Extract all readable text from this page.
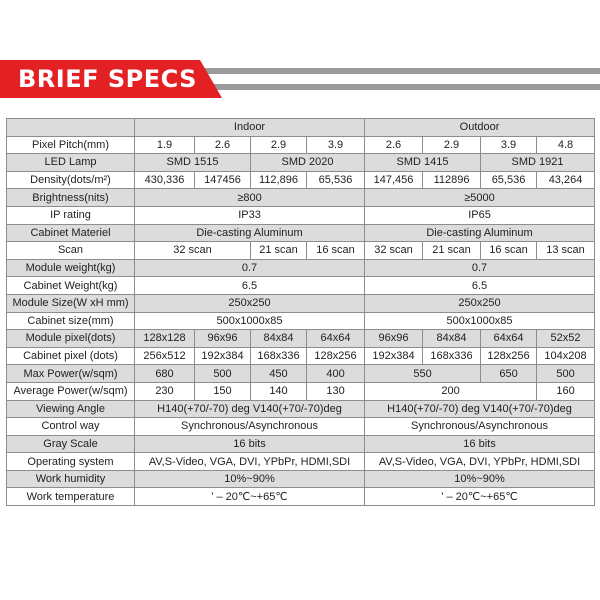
BRIEF SPECS
	Indoor				Outdoor			
Pixel Pitch(mm)	1.9	2.6	2.9	3.9	2.6	2.9	3.9	4.8
LED Lamp	SMD 1515		SMD 2020		SMD 1415		SMD 1921	
Density(dots/m²)	430,336	147456	112,896	65,536	147,456	112896	65,536	43,264
Brightness(nits)	≥800				≥5000			
IP rating	IP33				IP65			
Cabinet Materiel	Die-casting Aluminum				Die-casting Aluminum			
Scan	32 scan		21 scan	16 scan	32 scan	21 scan	16 scan	13 scan
Module weight(kg)	0.7				0.7			
Cabinet Weight(kg)	6.5				6.5			
Module Size(W xH mm)	250x250				250x250			
Cabinet size(mm)	500x1000x85				500x1000x85			
Module pixel(dots)	128x128	96x96	84x84	64x64	96x96	84x84	64x64	52x52
Cabinet pixel (dots)	256x512	192x384	168x336	128x256	192x384	168x336	128x256	104x208
Max Power(w/sqm)	680	500	450	400	550		650	500
Average Power(w/sqm)	230	150	140	130	200			160
Viewing Angle	H140(+70/-70) deg V140(+70/-70)deg				H140(+70/-70) deg V140(+70/-70)deg			
Control way	Synchronous/Asynchronous				Synchronous/Asynchronous			
Gray Scale	16 bits				16 bits			
Operating system	AV,S-Video, VGA, DVI, YPbPr, HDMI,SDI				AV,S-Video, VGA, DVI, YPbPr, HDMI,SDI			
Work humidity	10%~90%				10%~90%			
Work temperature	' – 20℃~+65℃				' – 20℃~+65℃			
